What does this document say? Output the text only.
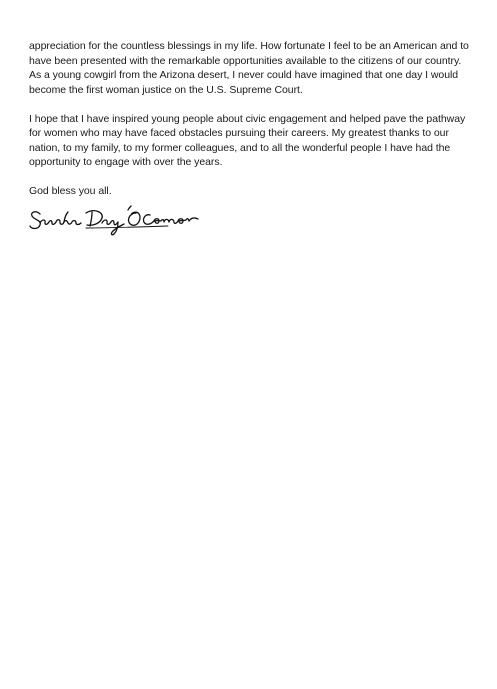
appreciation for the countless blessings in my life. How fortunate I feel to be an American and to have been presented with the remarkable opportunities available to the citizens of our country. As a young cowgirl from the Arizona desert, I never could have imagined that one day I would become the first woman justice on the U.S. Supreme Court.

I hope that I have inspired young people about civic engagement and helped pave the pathway for women who may have faced obstacles pursuing their careers. My greatest thanks to our nation, to my family, to my former colleagues, and to all the wonderful people I have had the opportunity to engage with over the years.

God bless you all.
